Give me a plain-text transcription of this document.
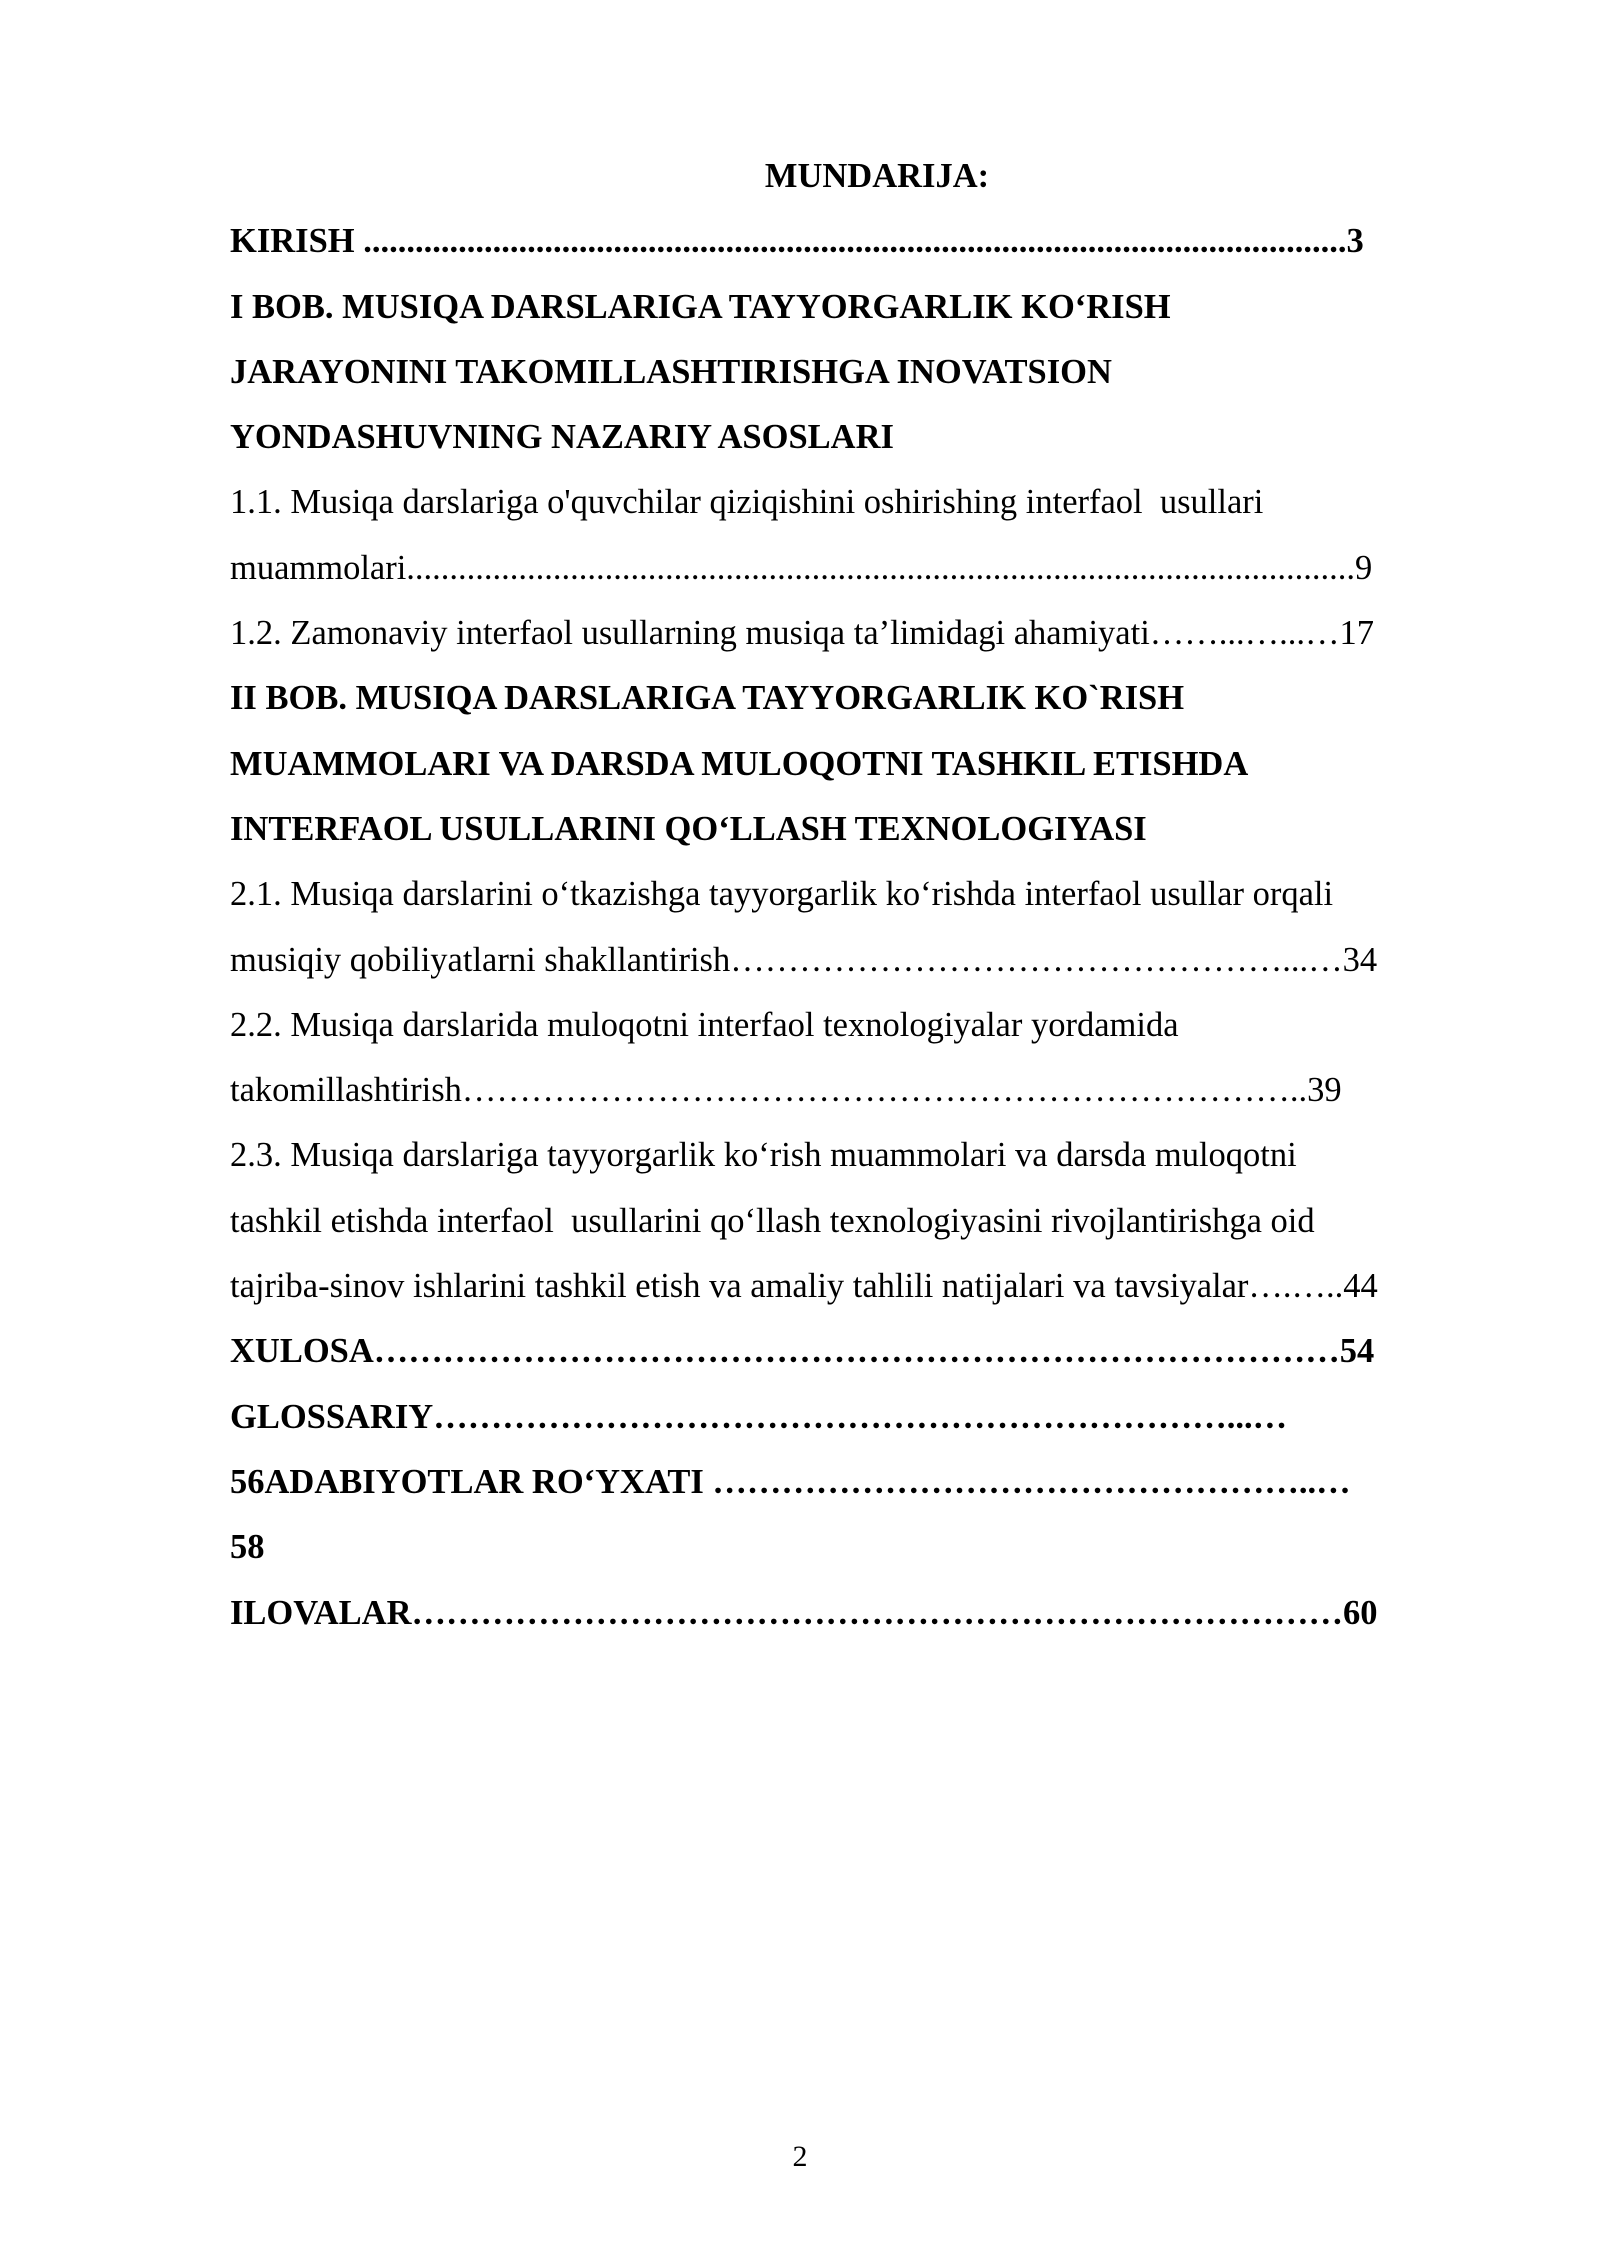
MUNDARIJA:
KIRISH ..................................................................................................................3
I BOB. MUSIQA DARSLARIGA TAYYORGARLIK KO‘RISH
JARAYONINI TAKOMILLASHTIRISHGA INOVATSION
YONDASHUVNING NAZARIY ASOSLARI
1.1. Musiqa darslariga o'quvchilar qiziqishini oshirishing interfaol  usullari
muammolari..............................................................................................................9
1.2. Zamonaviy interfaol usullarning musiqa ta’limidagi ahamiyati……...…...…17
II BOB. MUSIQA DARSLARIGA TAYYORGARLIK KO`RISH
MUAMMOLARI VA DARSDA MULOQOTNI TASHKIL ETISHDA
INTERFAOL USULLARINI QO‘LLASH TEXNOLOGIYASI
2.1. Musiqa darslarini o‘tkazishga tayyorgarlik ko‘rishda interfaol usullar orqali
musiqiy qobiliyatlarni shakllantirish…………………………………………...…34
2.2. Musiqa darslarida muloqotni interfaol texnologiyalar yordamida
takomillashtirish………………………………………………………………..39
2.3. Musiqa darslariga tayyorgarlik ko‘rish muammolari va darsda muloqotni
tashkil etishda interfaol  usullarini qo‘llash texnologiyasini rivojlantirishga oid
tajriba-sinov ishlarini tashkil etish va amaliy tahlili natijalari va tavsiyalar….…..44
XULOSA…………………………………………………………………………54
GLOSSARIY……………………………………………………………...…
56ADABIYOTLAR RO‘YXATI ……………………………………………..…
58
ILOVALAR………………………………………………………………………60
2
